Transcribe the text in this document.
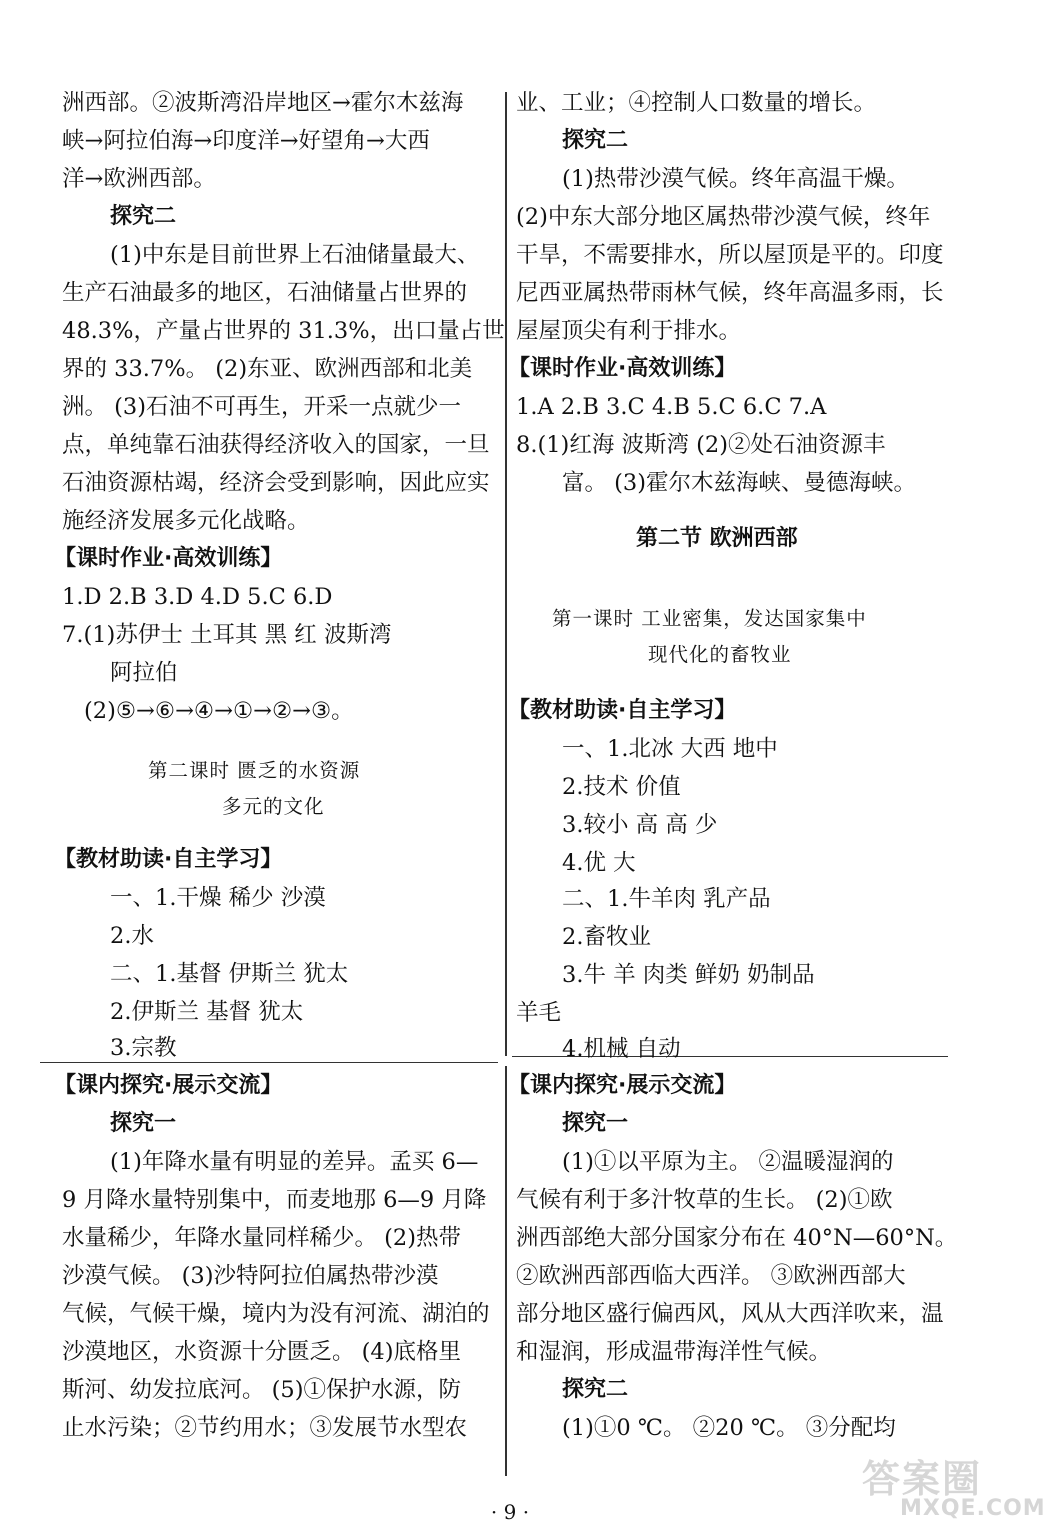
洲西部。②波斯湾沿岸地区→霍尔木兹海
峡→阿拉伯海→印度洋→好望角→大西
洋→欧洲西部。
探究二
(1)中东是目前世界上石油储量最大、
生产石油最多的地区，石油储量占世界的
48.3%，产量占世界的 31.3%，出口量占世
界的 33.7%。 (2)东亚、欧洲西部和北美
洲。 (3)石油不可再生，开采一点就少一
点，单纯靠石油获得经济收入的国家，一旦
石油资源枯竭，经济会受到影响，因此应实
施经济发展多元化战略。
【课时作业·高效训练】
1.D 2.B 3.D 4.D 5.C 6.D
7.(1)苏伊士 土耳其 黑 红 波斯湾
阿拉伯
(2)⑤→⑥→④→①→②→③。
第二课时 匮乏的水资源
多元的文化
【教材助读·自主学习】
一、1.干燥 稀少 沙漠
2.水
二、1.基督 伊斯兰 犹太
2.伊斯兰 基督 犹太
3.宗教
【课内探究·展示交流】
探究一
(1)年降水量有明显的差异。孟买 6—
9 月降水量特别集中，而麦地那 6—9 月降
水量稀少，年降水量同样稀少。 (2)热带
沙漠气候。 (3)沙特阿拉伯属热带沙漠
气候，气候干燥，境内为没有河流、湖泊的
沙漠地区，水资源十分匮乏。 (4)底格里
斯河、幼发拉底河。 (5)①保护水源，防
止水污染；②节约用水；③发展节水型农
业、工业；④控制人口数量的增长。
探究二
(1)热带沙漠气候。终年高温干燥。
(2)中东大部分地区属热带沙漠气候，终年
干旱，不需要排水，所以屋顶是平的。印度
尼西亚属热带雨林气候，终年高温多雨，长
屋屋顶尖有利于排水。
【课时作业·高效训练】
1.A 2.B 3.C 4.B 5.C 6.C 7.A
8.(1)红海 波斯湾 (2)②处石油资源丰
富。 (3)霍尔木兹海峡、曼德海峡。
第二节 欧洲西部
第一课时 工业密集，发达国家集中
现代化的畜牧业
【教材助读·自主学习】
一、1.北冰 大西 地中
2.技术 价值
3.较小 高 高 少
4.优 大
二、1.牛羊肉 乳产品
2.畜牧业
3.牛 羊 肉类 鲜奶 奶制品
羊毛
4.机械 自动
【课内探究·展示交流】
探究一
(1)①以平原为主。 ②温暖湿润的
气候有利于多汁牧草的生长。 (2)①欧
洲西部绝大部分国家分布在 40°N—60°N。
②欧洲西部西临大西洋。 ③欧洲西部大
部分地区盛行偏西风，风从大西洋吹来，温
和湿润，形成温带海洋性气候。
探究二
(1)①0 ℃。 ②20 ℃。 ③分配均
· 9 ·
答案圈
MXQE.COM
